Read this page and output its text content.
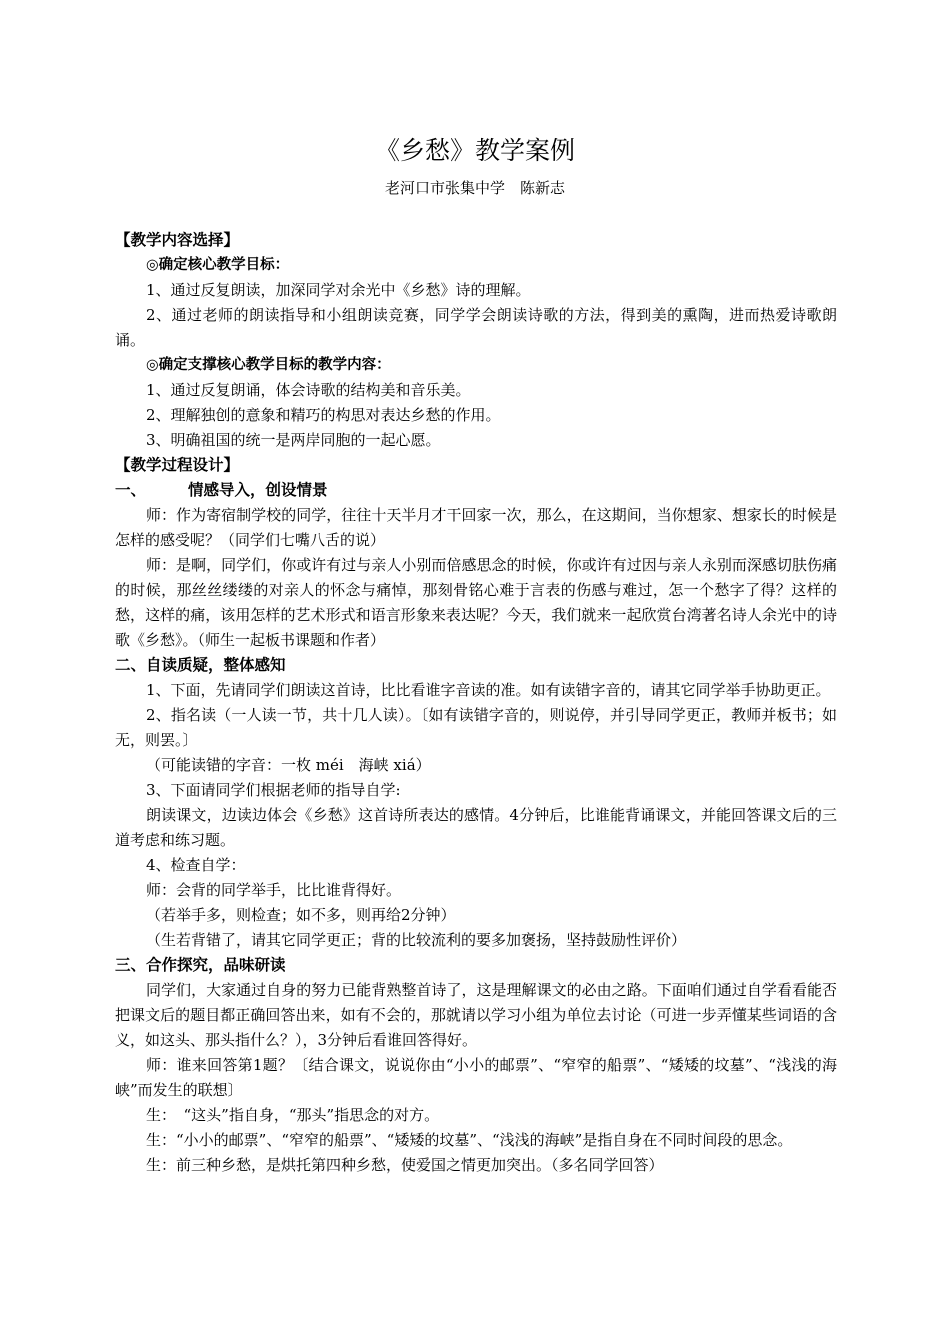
《乡愁》教学案例
老河口市张集中学　陈新志

【教学内容选择】

◎确定核心教学目标：

1、通过反复朗读，加深同学对余光中《乡愁》诗的理解。

2、通过老师的朗读指导和小组朗读竞赛，同学学会朗读诗歌的方法，得到美的熏陶，进而热爱诗歌朗诵。

◎确定支撑核心教学目标的教学内容：

1、通过反复朗诵，体会诗歌的结构美和音乐美。

2、理解独创的意象和精巧的构思对表达乡愁的作用。

3、明确祖国的统一是两岸同胞的一起心愿。

【教学过程设计】

一、	情感导入，创设情景

师：作为寄宿制学校的同学，往往十天半月才干回家一次，那么，在这期间，当你想家、想家长的时候是怎样的感受呢？（同学们七嘴八舌的说）

师：是啊，同学们，你或许有过与亲人小别而倍感思念的时候，你或许有过因与亲人永别而深感切肤伤痛的时候，那丝丝缕缕的对亲人的怀念与痛悼，那刻骨铭心难于言表的伤感与难过，怎一个愁字了得？这样的愁，这样的痛，该用怎样的艺术形式和语言形象来表达呢？今天，我们就来一起欣赏台湾著名诗人余光中的诗歌《乡愁》。（师生一起板书课题和作者）

二、自读质疑，整体感知

1、下面，先请同学们朗读这首诗，比比看谁字音读的准。如有读错字音的，请其它同学举手协助更正。

2、指名读（一人读一节，共十几人读）。〔如有读错字音的，则说停，并引导同学更正，教师并板书；如无，则罢。〕

（可能读错的字音：一枚 méi　海峡 xiá）

3、下面请同学们根据老师的指导自学:

朗读课文，边读边体会《乡愁》这首诗所表达的感情。4分钟后，比谁能背诵课文，并能回答课文后的三道考虑和练习题。

4、检查自学：

师：会背的同学举手，比比谁背得好。

（若举手多，则检查；如不多，则再给2分钟）

（生若背错了，请其它同学更正；背的比较流利的要多加褒扬，坚持鼓励性评价）

三、合作探究，品味研读

同学们，大家通过自身的努力已能背熟整首诗了，这是理解课文的必由之路。下面咱们通过自学看看能否把课文后的题目都正确回答出来，如有不会的，那就请以学习小组为单位去讨论（可进一步弄懂某些词语的含义，如这头、那头指什么？），3分钟后看谁回答得好。

师：谁来回答第1题？〔结合课文，说说你由“小小的邮票”、“窄窄的船票”、“矮矮的坟墓”、“浅浅的海峡”而发生的联想〕

生：　“这头”指自身，“那头”指思念的对方。

生：“小小的邮票”、“窄窄的船票”、“矮矮的坟墓”、“浅浅的海峡”是指自身在不同时间段的思念。

生：前三种乡愁，是烘托第四种乡愁，使爱国之情更加突出。（多名同学回答）
